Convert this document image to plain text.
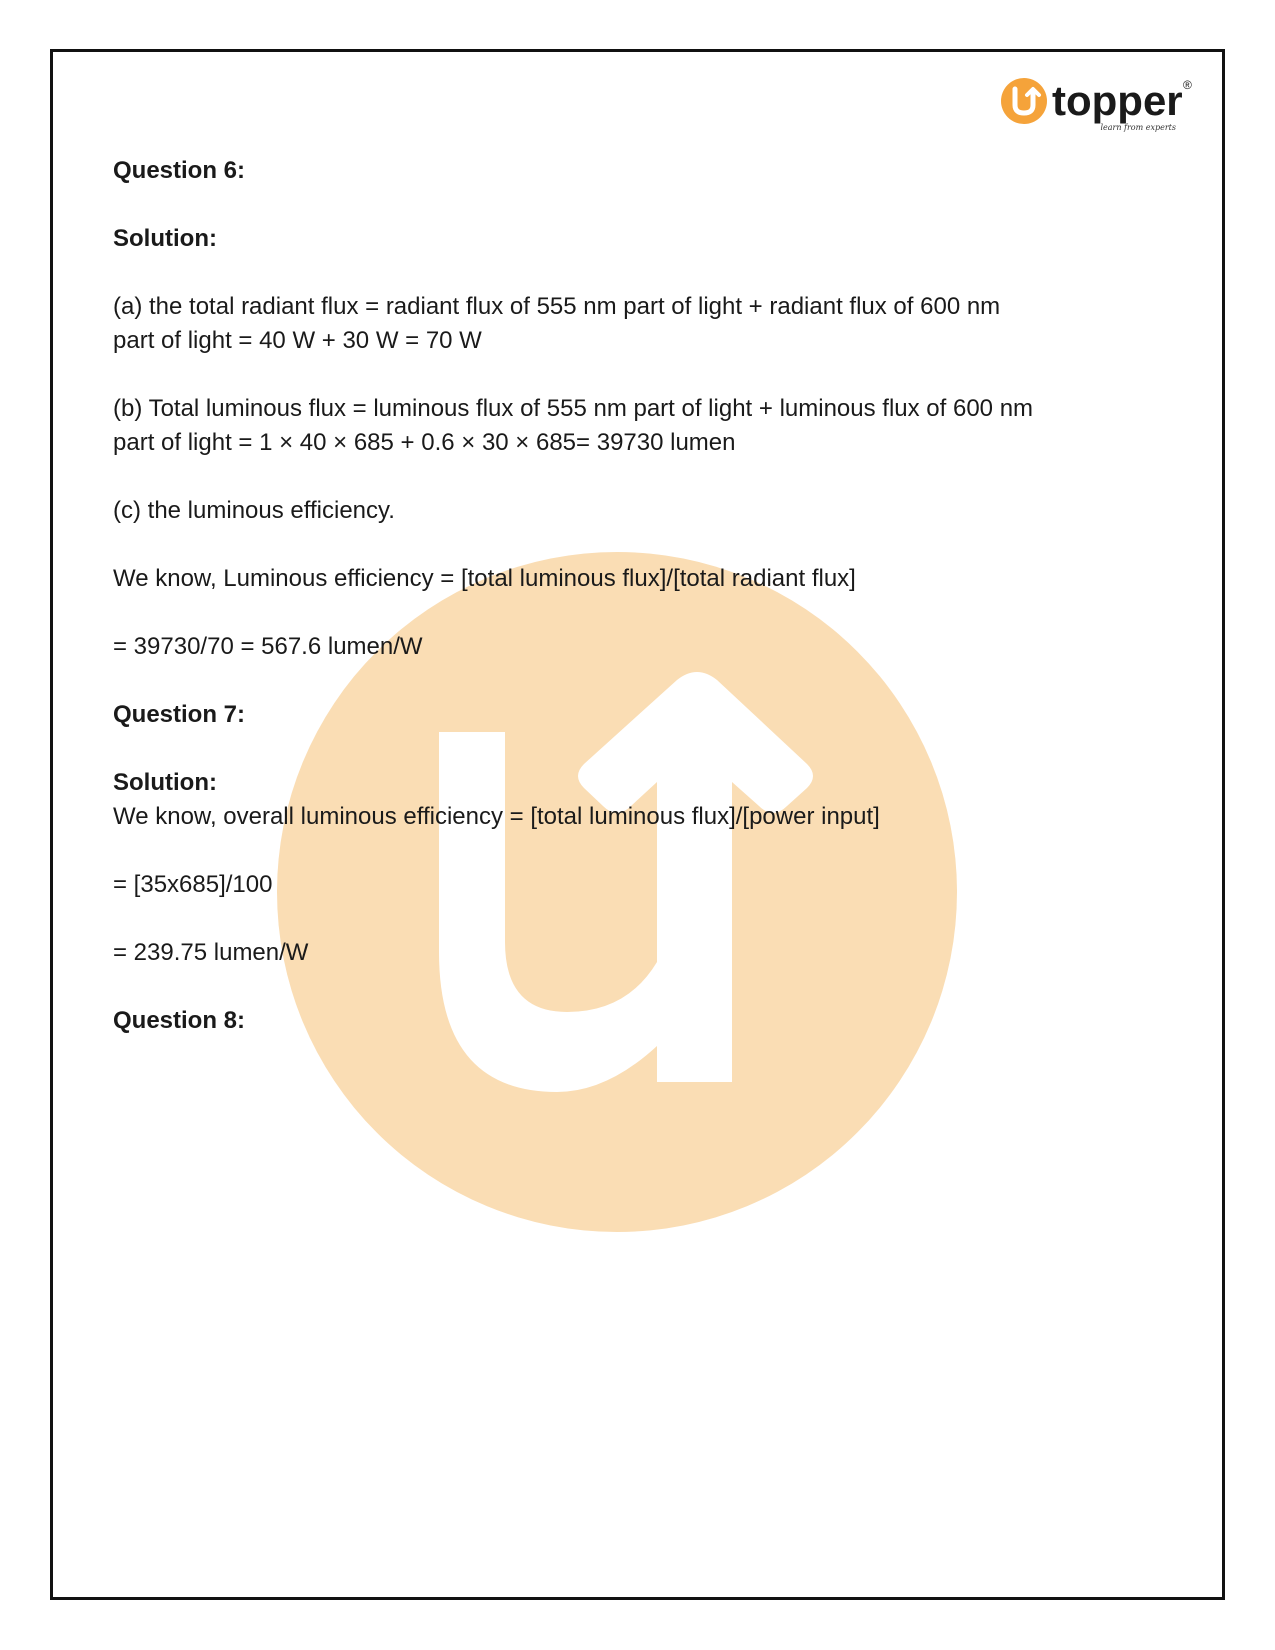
topper ®
learn from experts
Question 6:
Solution:
(a) the total radiant flux = radiant flux of 555 nm part of light + radiant flux of 600 nm
part of light = 40 W + 30 W = 70 W
(b) Total luminous flux = luminous flux of 555 nm part of light + luminous flux of 600 nm
part of light = 1 × 40 × 685 + 0.6 × 30 × 685= 39730 lumen
(c) the luminous efficiency.
We know, Luminous efficiency = [total luminous flux]/[total radiant flux]
= 39730/70 = 567.6 lumen/W
Question 7:
Solution:
We know, overall luminous efficiency = [total luminous flux]/[power input]
= [35x685]/100
= 239.75 lumen/W
Question 8:
